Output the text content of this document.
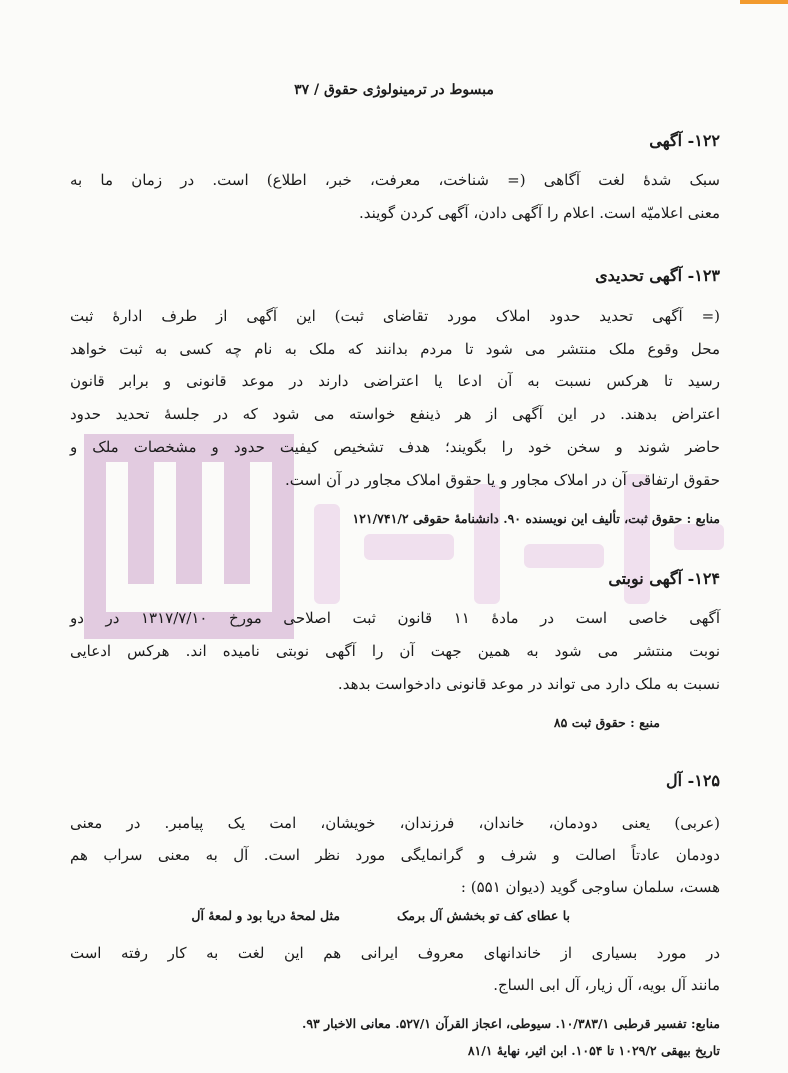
مبسوط در ترمینولوژی حقوق / ۳۷
۱۲۲- آگهی
سبک شدهٔ لغت آگاهی (= شناخت، معرفت، خبر، اطلاع) است. در زمان ما به
معنی اعلامیّه است. اعلام را آگهی دادن، آگهی کردن گویند.
۱۲۳- آگهی تحدیدی
(= آگهی تحدید حدود املاک مورد تقاضای ثبت) این آگهی از طرف ادارهٔ ثبت
محل وقوع ملک منتشر می شود تا مردم بدانند که ملک به نام چه کسی به ثبت خواهد
رسید تا هرکس نسبت به آن ادعا یا اعتراضی دارند در موعد قانونی و برابر قانون
اعتراض بدهند. در این آگهی از هر ذینفع خواسته می شود که در جلسهٔ تحدید حدود
حاضر شوند و سخن خود را بگویند؛ هدف تشخیص کیفیت حدود و مشخصات ملک و
حقوق ارتفاقی آن در املاک مجاور و یا حقوق املاک مجاور در آن است.
منابع : حقوق ثبت، تألیف این نویسنده ۹۰. دانشنامهٔ حقوقی ۱۲۱/۷۴۱/۲
۱۲۴- آگهی نوبتی
آگهی خاصی است در مادهٔ ۱۱ قانون ثبت اصلاحی مورخ ۱۳۱۷/۷/۱۰ در دو
نوبت منتشر می شود به همین جهت آن را آگهی نوبتی نامیده اند. هرکس ادعایی
نسبت به ملک دارد می تواند در موعد قانونی دادخواست بدهد.
منبع : حقوق ثبت ۸۵
۱۲۵- آل
(عربی) یعنی دودمان، خاندان، فرزندان، خویشان، امت یک پیامبر. در معنی
دودمان عادتاً اصالت و شرف و گرانمایگی مورد نظر است. آل به معنی سراب هم
هست، سلمان ساوجی گوید (دیوان ۵۵۱) :
با عطای کف تو بخشش آل برمک
مثل لمحهٔ دریا بود و لمعهٔ آل
در مورد بسیاری از خاندانهای معروف ایرانی هم این لغت به کار رفته است
مانند آل بویه، آل زیار، آل ابی الساج.
منابع: تفسیر قرطبی ۱۰/۳۸۳/۱. سیوطی، اعجاز القرآن ۵۲۷/۱. معانی الاخبار ۹۳.
تاریخ بیهقی ۱۰۲۹/۲ تا ۱۰۵۴. ابن اثیر، نهایهٔ ۸۱/۱
